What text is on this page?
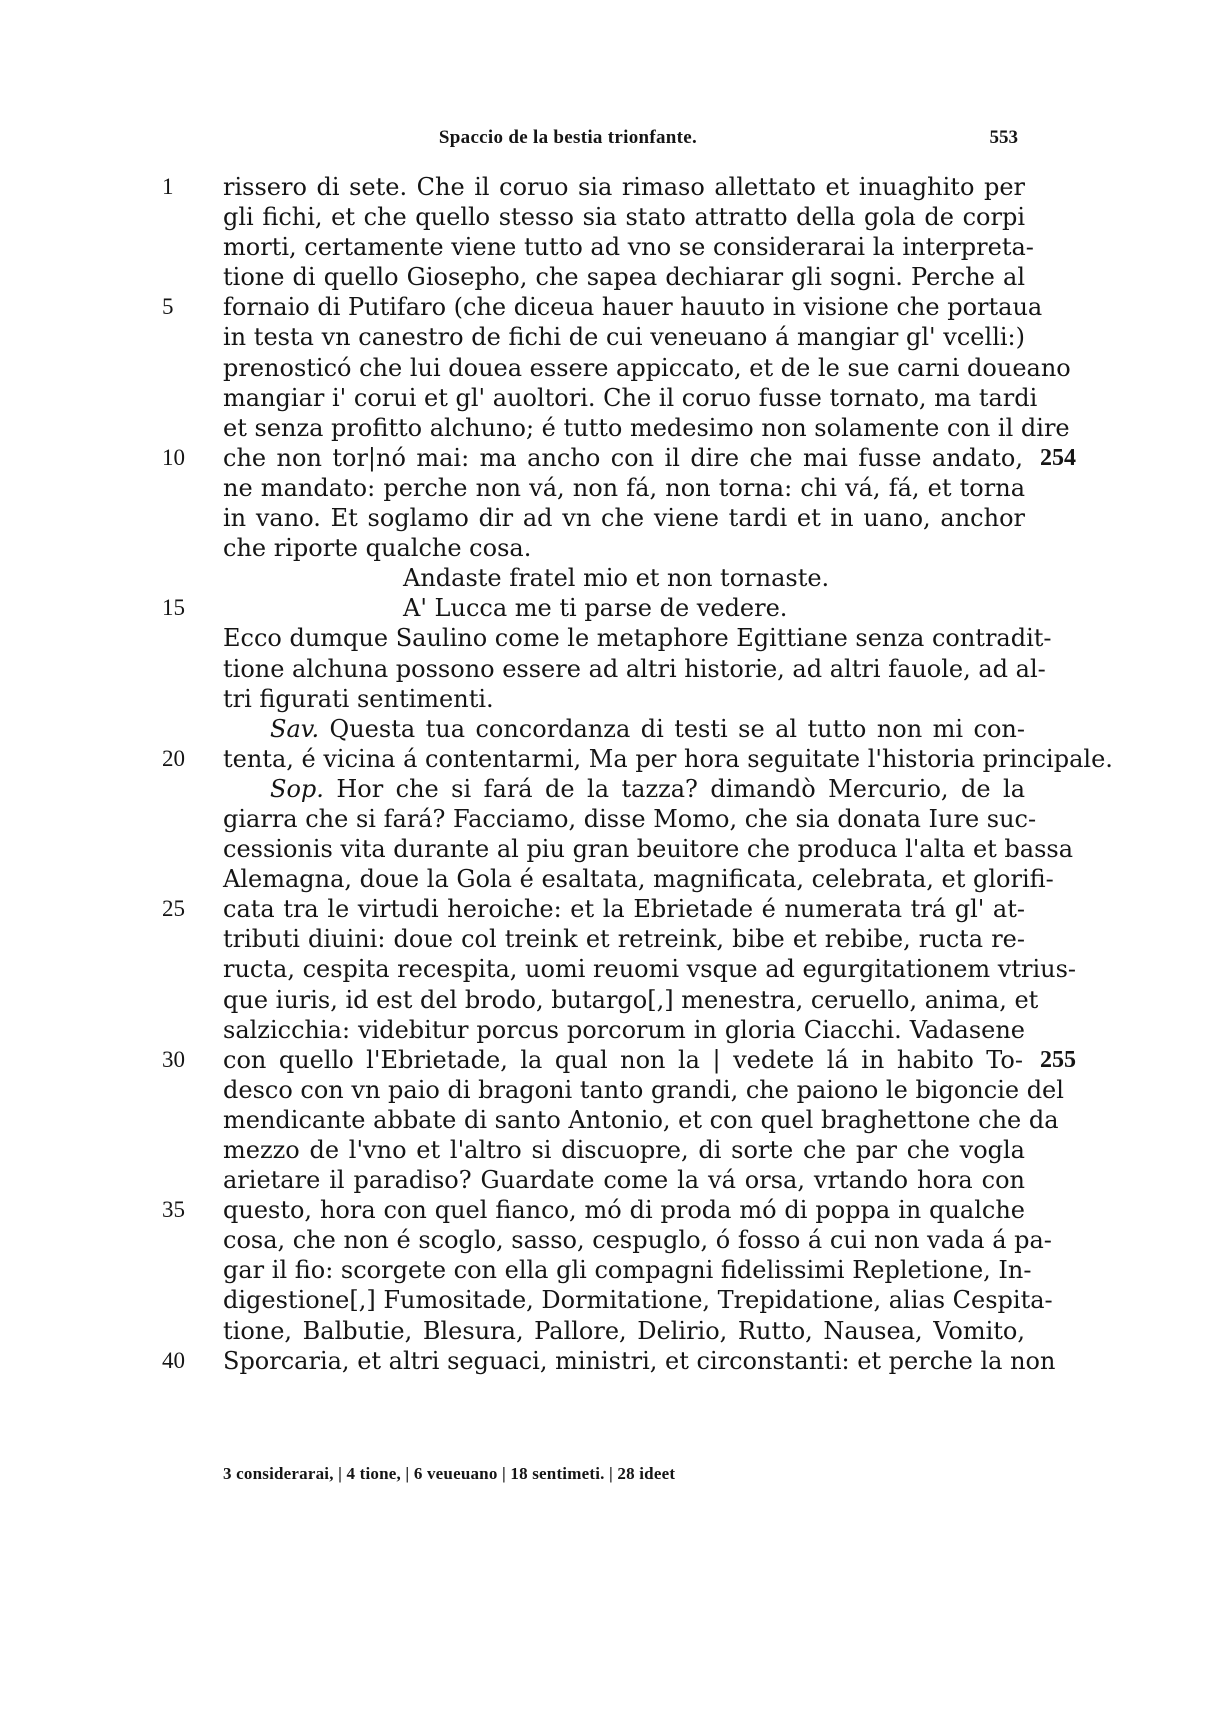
Spaccio de la bestia trionfante.	553
1	rissero di sete. Che il coruo sia rimaso allettato et inuaghito per
gli fichi, et che quello stesso sia stato attratto della gola de corpi
morti, certamente viene tutto ad vno se considerarai la interpreta-
tione di quello Giosepho, che sapea dechiarar gli sogni. Perche al
5	fornaio di Putifaro (che diceua hauer hauuto in visione che portaua
in testa vn canestro de fichi de cui veneuano á mangiar gl' vcelli:)
prenosticó che lui douea essere appiccato, et de le sue carni doueano
mangiar i' corui et gl' auoltori. Che il coruo fusse tornato, ma tardi
et senza profitto alchuno; é tutto medesimo non solamente con il dire
10	che non tor|nó mai: ma ancho con il dire che mai fusse andato, 254
ne mandato: perche non vá, non fá, non torna: chi vá, fá, et torna
in vano. Et soglamo dir ad vn che viene tardi et in uano, anchor
che riporte qualche cosa.
Andaste fratel mio et non tornaste.
15	A' Lucca me ti parse de vedere.
Ecco dumque Saulino come le metaphore Egittiane senza contradit-
tione alchuna possono essere ad altri historie, ad altri fauole, ad al-
tri figurati sentimenti.
Sav. Questa tua concordanza di testi se al tutto non mi con-
20	tenta, é vicina á contentarmi, Ma per hora seguitate l'historia principale.
Sop. Hor che si fará de la tazza? dimandò Mercurio, de la
giarra che si fará? Facciamo, disse Momo, che sia donata Iure suc-
cessionis vita durante al piu gran beuitore che produca l'alta et bassa
Alemagna, doue la Gola é esaltata, magnificata, celebrata, et glorifi-
25	cata tra le virtudi heroiche: et la Ebrietade é numerata trá gl' at-
tributi diuini: doue col treink et retreink, bibe et rebibe, ructa re-
ructa, cespita recespita, uomi reuomi vsque ad egurgitationem vtrius-
que iuris, id est del brodo, butargo[,] menestra, ceruello, anima, et
salzicchia: videbitur porcus porcorum in gloria Ciacchi. Vadasene
30	con quello l'Ebrietade, la qual non la | vedete lá in habito To- 255
desco con vn paio di bragoni tanto grandi, che paiono le bigoncie del
mendicante abbate di santo Antonio, et con quel braghettone che da
mezzo de l'vno et l'altro si discuopre, di sorte che par che vogla
arietare il paradiso? Guardate come la vá orsa, vrtando hora con
35	questo, hora con quel fianco, mó di proda mó di poppa in qualche
cosa, che non é scoglo, sasso, cespuglo, ó fosso á cui non vada á pa-
gar il fio: scorgete con ella gli compagni fidelissimi Repletione, In-
digestione[,] Fumositade, Dormitatione, Trepidatione, alias Cespita-
tione, Balbutie, Blesura, Pallore, Delirio, Rutto, Nausea, Vomito,
40	Sporcaria, et altri seguaci, ministri, et circonstanti: et perche la non
3 considerarai, | 4 tione, | 6 veueuano | 18 sentimeti. | 28 ideet
